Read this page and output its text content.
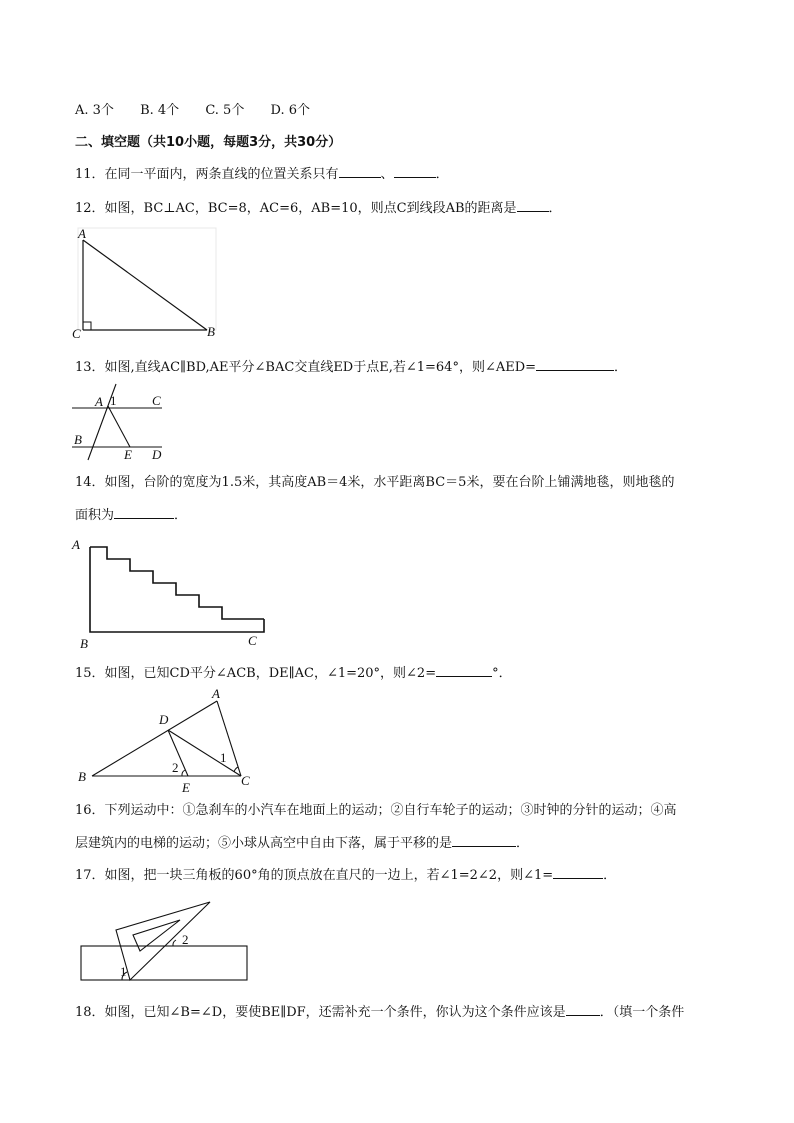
A. 3个 B. 4个 C. 5个 D. 6个
二、填空题（共10小题，每题3分，共30分）
11．在同一平面内，两条直线的位置关系只有	、	．
12．如图，BC⊥AC，BC=8，AC=6，AB=10，则点C到线段AB的距离是 ．
A
C	B
13．如图,直线AC∥BD,AE平分∠BAC交直线ED于点E,若∠1=64°，则∠AED=	．
A 1	C
B
E D
14．如图，台阶的宽度为1.5米，其高度AB＝4米，水平距离BC＝5米，要在台阶上铺满地毯，则地毯的
面积为	．
A
B	C
15．如图，已知CD平分∠ACB，DE∥AC，∠1=20°，则∠2=	°．
A
D
B
E	C
1
2
16．下列运动中：①急刹车的小汽车在地面上的运动；②自行车轮子的运动；③时钟的分针的运动；④高
层建筑内的电梯的运动；⑤小球从高空中自由下落，属于平移的是	．
17．如图，把一块三角板的60°角的顶点放在直尺的一边上，若∠1=2∠2，则∠1=	．
2
1
18．如图，已知∠B=∠D，要使BE∥DF，还需补充一个条件，你认为这个条件应该是	．（填一个条件
